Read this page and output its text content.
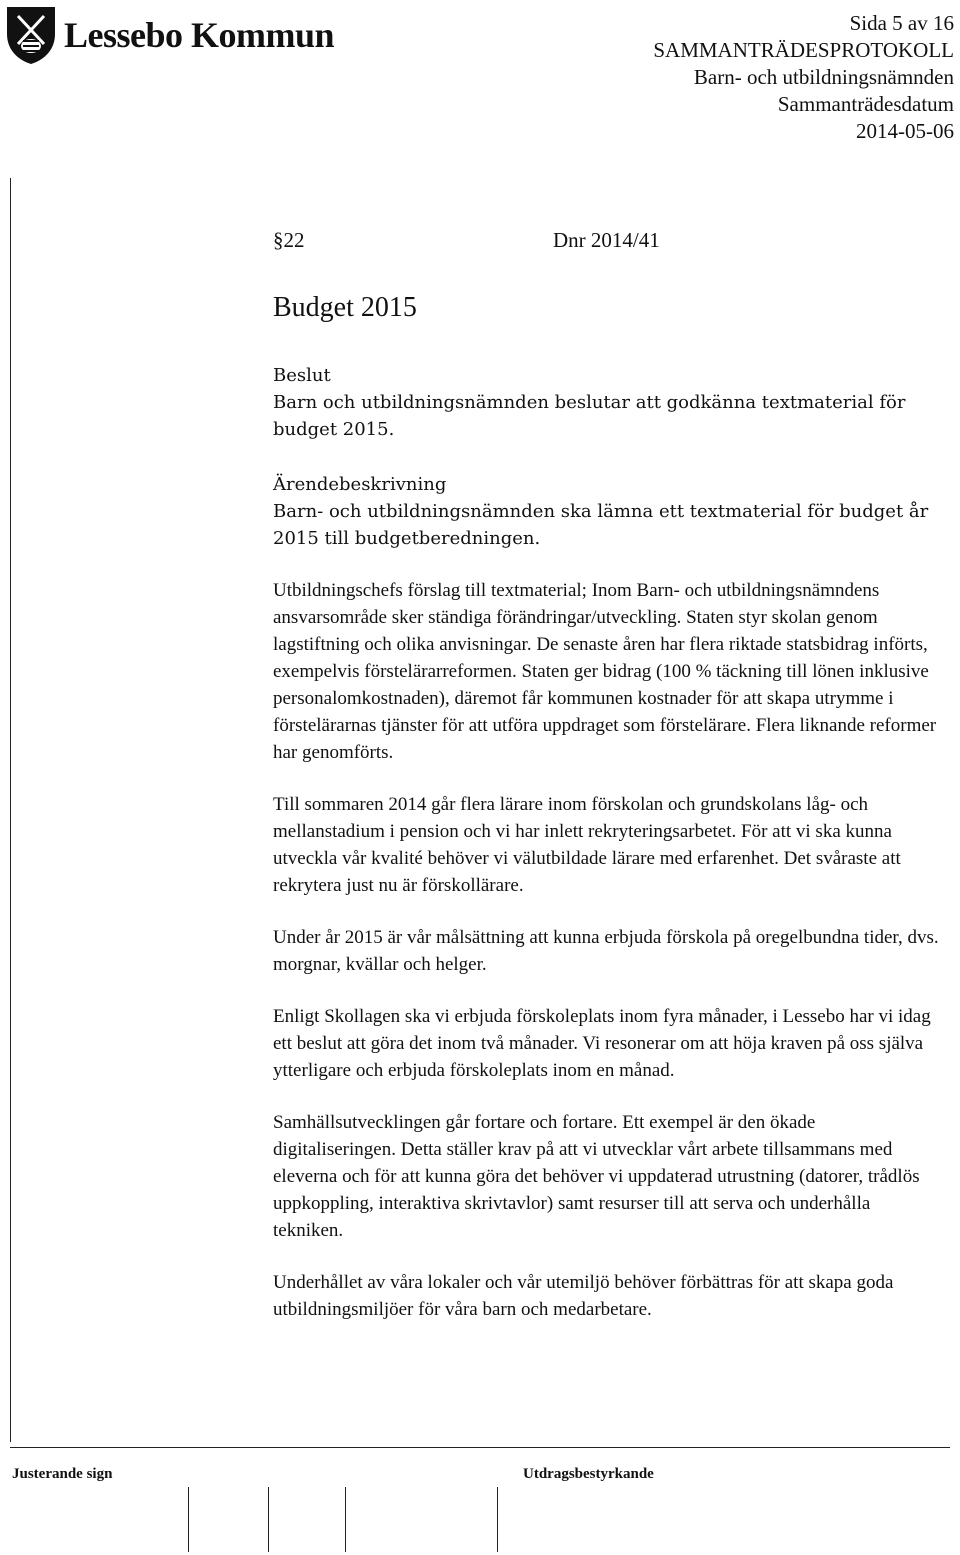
Lessebo Kommun	Sida 5 av 16
SAMMANTRÄDESPROTOKOLL
Barn- och utbildningsnämnden
Sammanträdesdatum
2014-05-06
§22	Dnr 2014/41
Budget 2015

Beslut

Barn och utbildningsnämnden beslutar att godkänna textmaterial för budget 2015.

Ärendebeskrivning

Barn- och utbildningsnämnden ska lämna ett textmaterial för budget år 2015 till budgetberedningen.

Utbildningschefs förslag till textmaterial; Inom Barn- och utbildningsnämndens ansvarsområde sker ständiga förändringar/utveckling. Staten styr skolan genom lagstiftning och olika anvisningar. De senaste åren har flera riktade statsbidrag införts, exempelvis förstelärarreformen. Staten ger bidrag (100 % täckning till lönen inklusive personalomkostnaden), däremot får kommunen kostnader för att skapa utrymme i förstelärarnas tjänster för att utföra uppdraget som förstelärare. Flera liknande reformer har genomförts.

Till sommaren 2014 går flera lärare inom förskolan och grundskolans låg- och mellanstadium i pension och vi har inlett rekryteringsarbetet. För att vi ska kunna utveckla vår kvalité behöver vi välutbildade lärare med erfarenhet. Det svåraste att rekrytera just nu är förskollärare.

Under år 2015 är vår målsättning att kunna erbjuda förskola på oregelbundna tider, dvs. morgnar, kvällar och helger.

Enligt Skollagen ska vi erbjuda förskoleplats inom fyra månader, i Lessebo har vi idag ett beslut att göra det inom två månader. Vi resonerar om att höja kraven på oss själva ytterligare och erbjuda förskoleplats inom en månad.

Samhällsutvecklingen går fortare och fortare. Ett exempel är den ökade digitaliseringen. Detta ställer krav på att vi utvecklar vårt arbete tillsammans med eleverna och för att kunna göra det behöver vi uppdaterad utrustning (datorer, trådlös uppkoppling, interaktiva skrivtavlor) samt resurser till att serva och underhålla tekniken.

Underhållet av våra lokaler och vår utemiljö behöver förbättras för att skapa goda utbildningsmiljöer för våra barn och medarbetare.

Justerande sign	Utdragsbestyrkande
